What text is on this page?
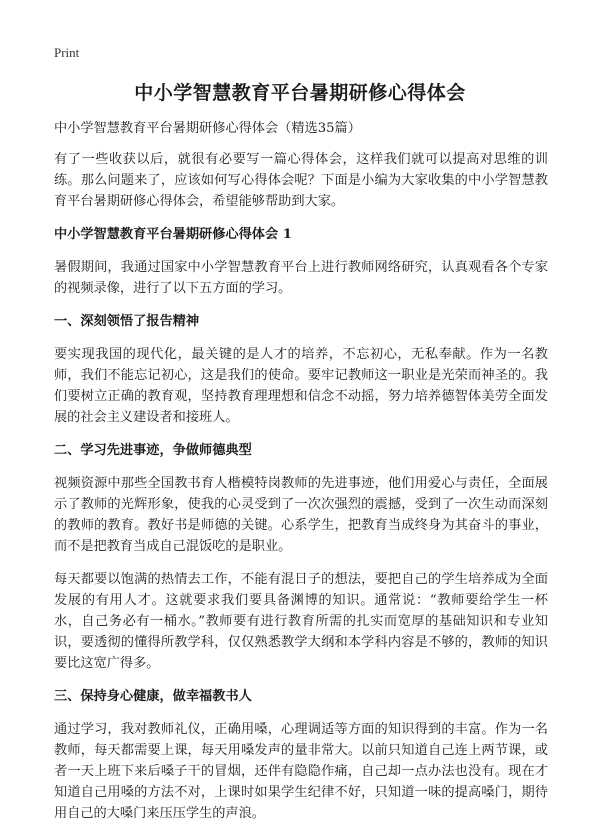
Print
中小学智慧教育平台暑期研修心得体会

中小学智慧教育平台暑期研修心得体会（精选35篇）

有了一些收获以后，就很有必要写一篇心得体会，这样我们就可以提高对思维的训练。那么问题来了，应该如何写心得体会呢？下面是小编为大家收集的中小学智慧教育平台暑期研修心得体会，希望能够帮助到大家。

中小学智慧教育平台暑期研修心得体会 1

暑假期间，我通过国家中小学智慧教育平台上进行教师网络研究，认真观看各个专家的视频录像，进行了以下五方面的学习。

一、深刻领悟了报告精神

要实现我国的现代化，最关键的是人才的培养，不忘初心，无私奉献。作为一名教师，我们不能忘记初心，这是我们的使命。要牢记教师这一职业是光荣而神圣的。我们要树立正确的教育观，坚持教育理理想和信念不动摇，努力培养德智体美劳全面发展的社会主义建设者和接班人。

二、学习先进事迹，争做师德典型

视频资源中那些全国教书育人楷模特岗教师的先进事迹，他们用爱心与责任，全面展示了教师的光辉形象，使我的心灵受到了一次次强烈的震撼，受到了一次生动而深刻的教师的教育。教好书是师德的关键。心系学生，把教育当成终身为其奋斗的事业，而不是把教育当成自己混饭吃的是职业。

每天都要以饱满的热情去工作，不能有混日子的想法，要把自己的学生培养成为全面发展的有用人才。这就要求我们要具备渊博的知识。通常说：“教师要给学生一杯水，自己务必有一桶水。”教师要有进行教育所需的扎实而宽厚的基础知识和专业知识，要透彻的懂得所教学科，仅仅熟悉教学大纲和本学科内容是不够的，教师的知识要比这宽广得多。

三、保持身心健康，做幸福教书人

通过学习，我对教师礼仪，正确用嗓，心理调适等方面的知识得到的丰富。作为一名教师，每天都需要上课，每天用嗓发声的量非常大。以前只知道自己连上两节课，或者一天上班下来后嗓子干的冒烟，还伴有隐隐作痛，自己却一点办法也没有。现在才知道自己用嗓的方法不对，上课时如果学生纪律不好，只知道一味的提高嗓门，期待用自己的大嗓门来压压学生的声浪。
